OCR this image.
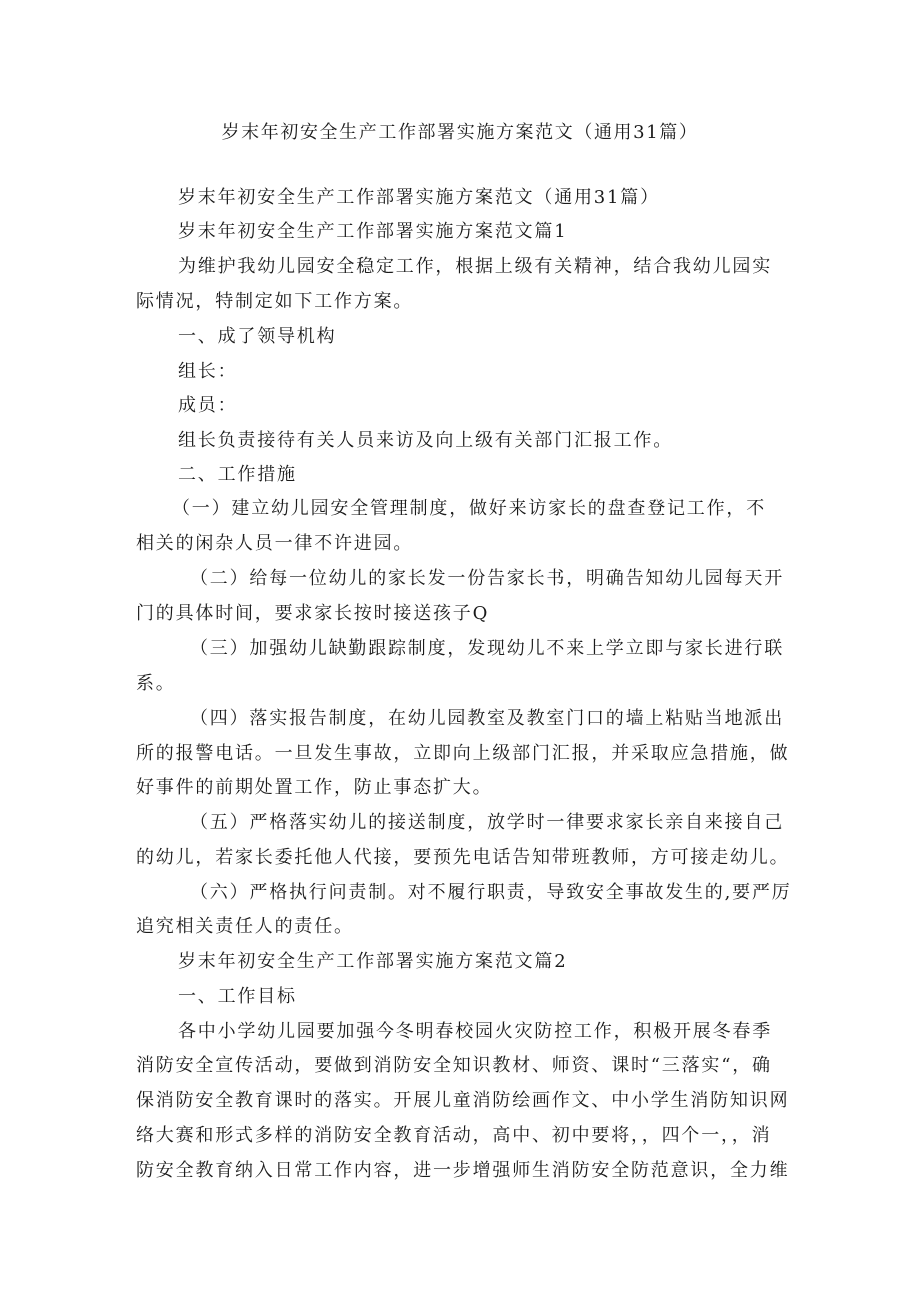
岁末年初安全生产工作部署实施方案范文（通用31篇）
岁末年初安全生产工作部署实施方案范文（通用31篇）
岁末年初安全生产工作部署实施方案范文篇1
为维护我幼儿园安全稳定工作，根据上级有关精神，结合我幼儿园实
际情况，特制定如下工作方案。
一、成了领导机构
组长：
成员：
组长负责接待有关人员来访及向上级有关部门汇报工作。
二、工作措施
（一）建立幼儿园安全管理制度，做好来访家长的盘查登记工作，不
相关的闲杂人员一律不许进园。
（二）给每一位幼儿的家长发一份告家长书，明确告知幼儿园每天开
门的具体时间，要求家长按时接送孩子Q
（三）加强幼儿缺勤跟踪制度，发现幼儿不来上学立即与家长进行联
系。
（四）落实报告制度，在幼儿园教室及教室门口的墙上粘贴当地派出
所的报警电话。一旦发生事故，立即向上级部门汇报，并采取应急措施，做
好事件的前期处置工作，防止事态扩大。
（五）严格落实幼儿的接送制度，放学时一律要求家长亲自来接自己
的幼儿，若家长委托他人代接，要预先电话告知带班教师，方可接走幼儿。
（六）严格执行问责制。对不履行职责，导致安全事故发生的,要严厉
追究相关责任人的责任。
岁末年初安全生产工作部署实施方案范文篇2
一、工作目标
各中小学幼儿园要加强今冬明春校园火灾防控工作，积极开展冬春季
消防安全宣传活动，要做到消防安全知识教材、师资、课时“三落实“，确
保消防安全教育课时的落实。开展儿童消防绘画作文、中小学生消防知识网
络大赛和形式多样的消防安全教育活动，高中、初中要将，，四个一，，消
防安全教育纳入日常工作内容，进一步增强师生消防安全防范意识，全力维
